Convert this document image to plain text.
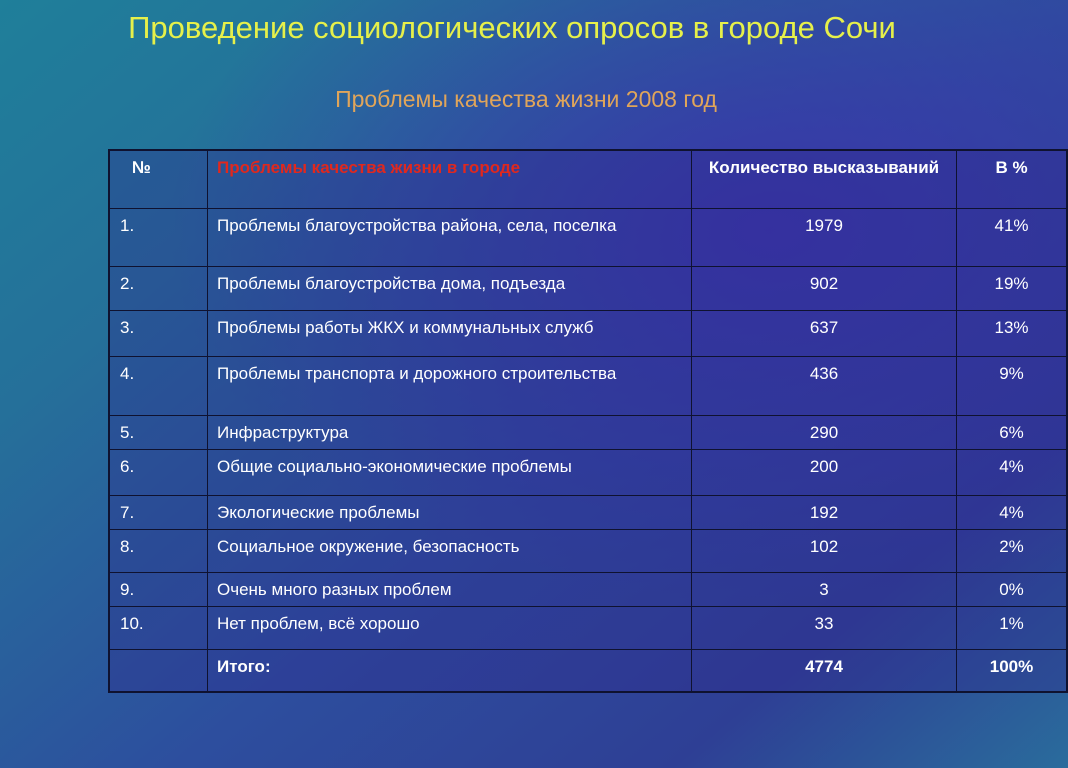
Проведение социологических опросов в городе Сочи
Проблемы качества жизни 2008 год
№	Проблемы качества жизни в городе	Количество высказываний	В %
1.	Проблемы благоустройства района, села, поселка	1979	41%
2.	Проблемы благоустройства дома, подъезда	902	19%
3.	Проблемы работы ЖКХ и коммунальных служб	637	13%
4.	Проблемы транспорта и дорожного строительства	436	9%
5.	Инфраструктура	290	6%
6.	Общие социально-экономические проблемы	200	4%
7.	Экологические проблемы	192	4%
8.	Социальное окружение, безопасность	102	2%
9.	Очень много разных проблем	3	0%
10.	Нет проблем, всё хорошо	33	1%
	Итого:	4774	100%
